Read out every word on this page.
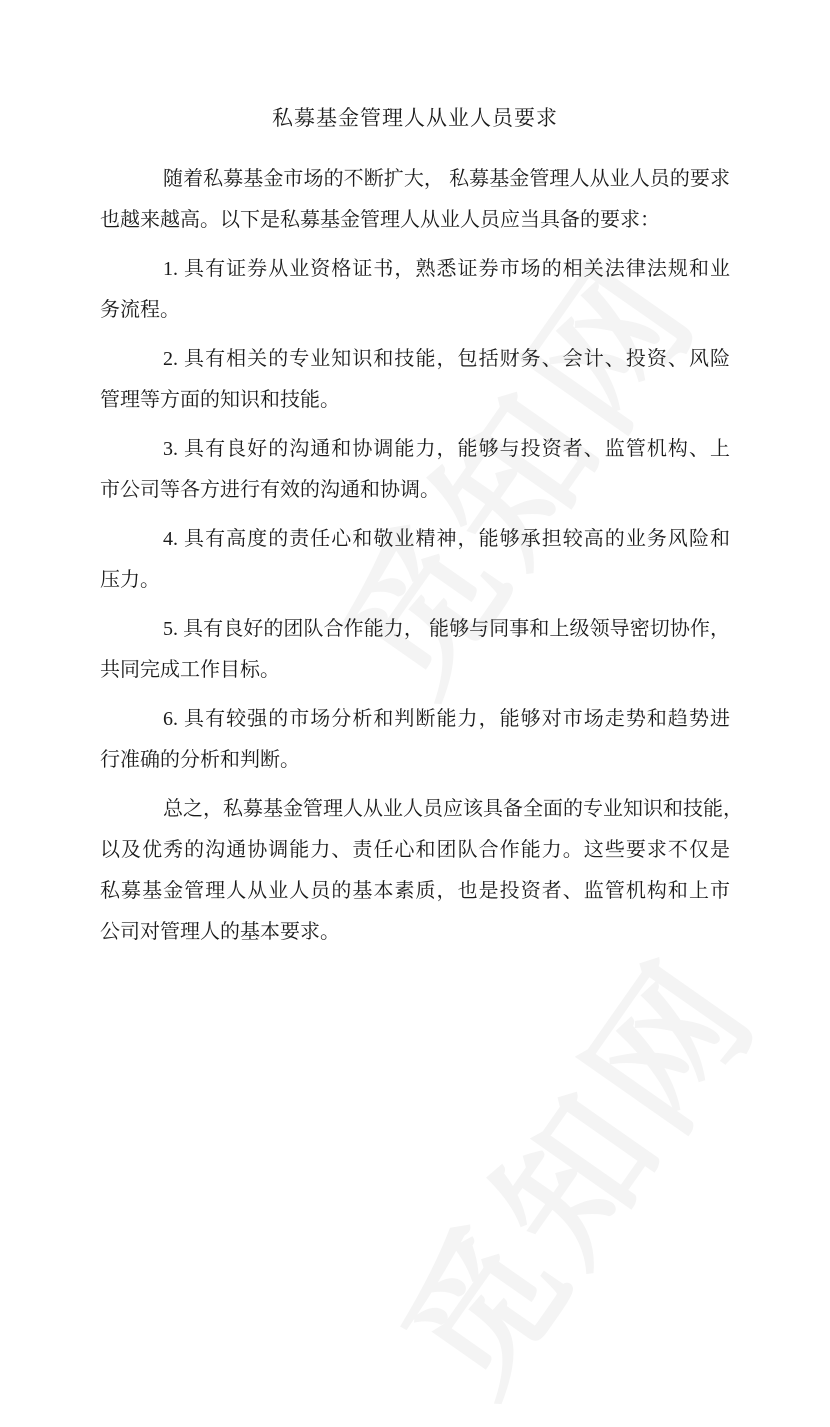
私募基金管理人从业人员要求
随着私募基金市场的不断扩大， 私募基金管理人从业人员的要求
也越来越高。以下是私募基金管理人从业人员应当具备的要求：
1. 具有证券从业资格证书，熟悉证券市场的相关法律法规和业
务流程。
2. 具有相关的专业知识和技能，包括财务、会计、投资、风险
管理等方面的知识和技能。
3. 具有良好的沟通和协调能力，能够与投资者、监管机构、上
市公司等各方进行有效的沟通和协调。
4. 具有高度的责任心和敬业精神，能够承担较高的业务风险和
压力。
5. 具有良好的团队合作能力， 能够与同事和上级领导密切协作，
共同完成工作目标。
6. 具有较强的市场分析和判断能力，能够对市场走势和趋势进
行准确的分析和判断。
总之，私募基金管理人从业人员应该具备全面的专业知识和技能，
以及优秀的沟通协调能力、责任心和团队合作能力。这些要求不仅是
私募基金管理人从业人员的基本素质，也是投资者、监管机构和上市
公司对管理人的基本要求。
